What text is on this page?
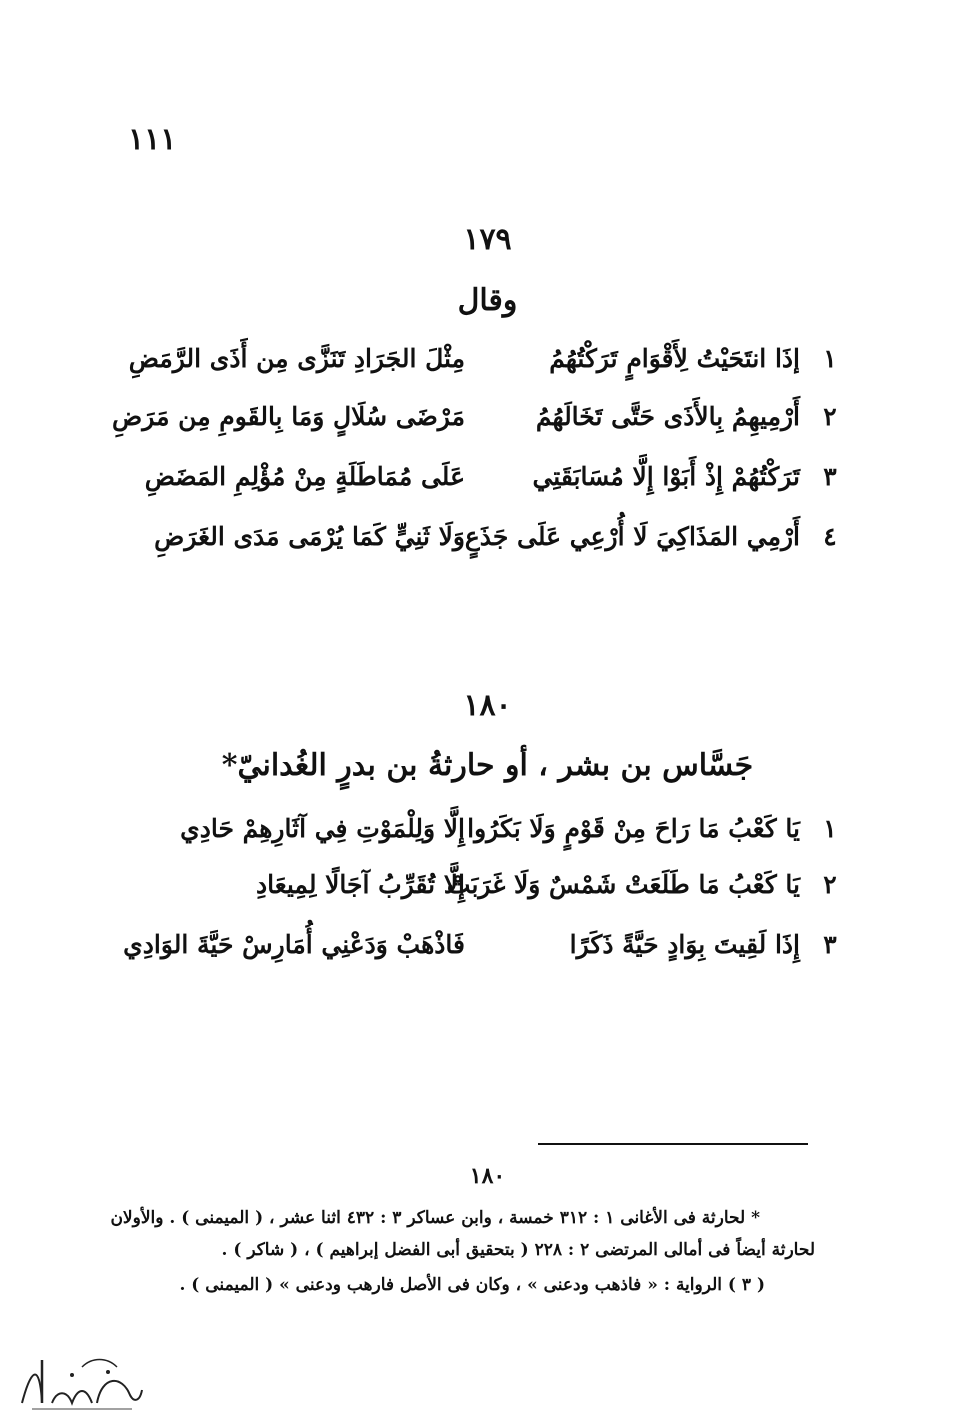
١١١
١٧٩
وقال
١
إذَا انتَحَيْتُ لِأَقْوَامٍ تَرَكْتُهُمُ
مِثْلَ الجَرَادِ تَنَزَّى مِن أَذَى الرَّمَضِ
٢
أَرْمِيهِمُ بِالأَذَى حَتَّى تَخَالَهُمُ
مَرْضَى سُلَالٍ وَمَا بِالقَومِ مِن مَرَضِ
٣
تَرَكْتُهُمْ إِذْ أَبَوْا إِلَّا مُسَابَقَتِي
عَلَى مُمَاطَلَةٍ مِنْ مُؤْلِمِ المَضَضِ
٤
أَرْمِي المَذَاكِيَ لَا أُرْعِي عَلَى جَذَعٍ
وَلَا ثَنِيٍّ كَمَا يُرْمَى مَدَى الغَرَضِ
١٨٠
جَسَّاس بن بشر ، أو حارثةُ بن بدرٍ الغُدانيّ*
١
يَا كَعْبُ مَا رَاحَ مِنْ قَوْمٍ وَلَا بَكَرُوا
إِلَّا وَلِلْمَوْتِ فِي آثَارِهِمْ حَادِي
٢
يَا كَعْبُ مَا طَلَعَتْ شَمْسٌ وَلَا غَرَبَتْ
إِلَّا تُقَرِّبُ آجَالًا لِمِيعَادِ
٣
إِذَا لَقِيتَ بِوَادٍ حَيَّةً ذَكَرًا
فَاذْهَبْ وَدَعْنِي أُمَارِسْ حَيَّةَ الوَادِي
١٨٠
* لحارثة فى الأغانى ١ : ٣١٢ خمسة ، وابن عساكر ٣ : ٤٣٢ اثنا عشر ، ( الميمنى ) . والأولان
لحارثة أيضاً فى أمالى المرتضى ٢ : ٢٢٨ ( بتحقيق أبى الفضل إبراهيم ) ، ( شاكر ) .
( ٣ ) الرواية : « فاذهب ودعنى » ، وكان فى الأصل فارهب ودعنى » ( الميمنى ) .
